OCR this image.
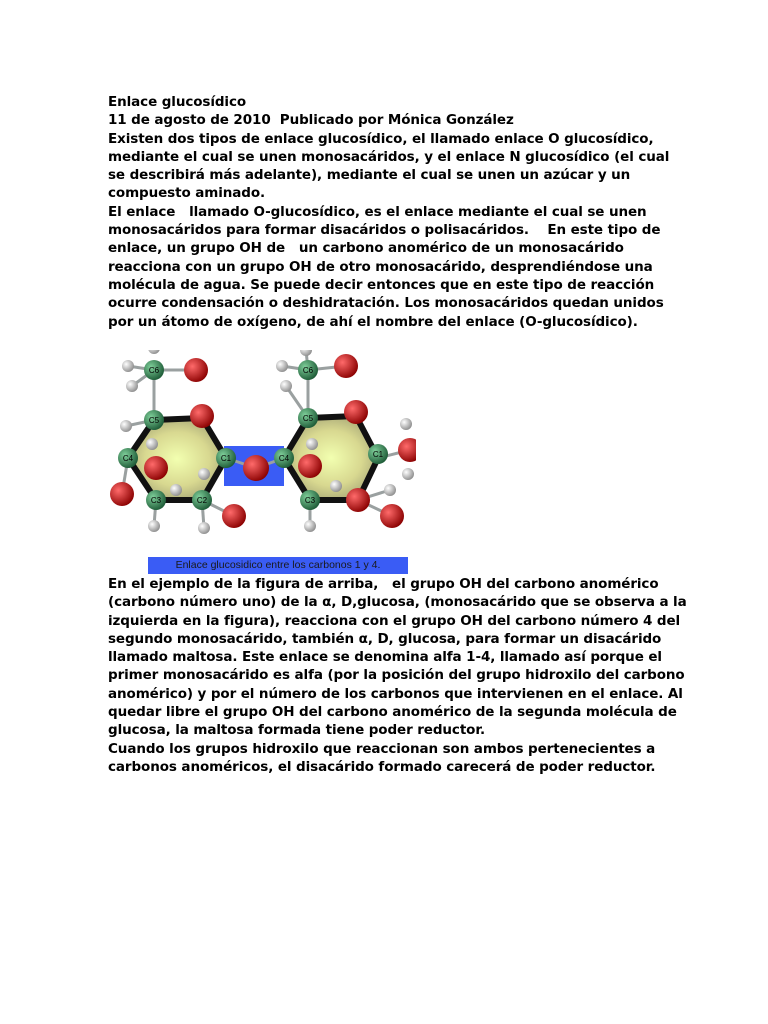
Enlace glucosídico
11 de agosto de 2010  Publicado por Mónica González
Existen dos tipos de enlace glucosídico, el llamado enlace O glucosídico,
mediante el cual se unen monosacáridos, y el enlace N glucosídico (el cual
se describirá más adelante), mediante el cual se unen un azúcar y un
compuesto aminado.
El enlace   llamado O-glucosídico, es el enlace mediante el cual se unen
monosacáridos para formar disacáridos o polisacáridos.    En este tipo de
enlace, un grupo OH de   un carbono anomérico de un monosacárido
reacciona con un grupo OH de otro monosacárido, desprendiéndose una
molécula de agua. Se puede decir entonces que en este tipo de reacción
ocurre condensación o deshidratación. Los monosacáridos quedan unidos
por un átomo de oxígeno, de ahí el nombre del enlace (O-glucosídico).
C6
C5
C4	C1
C3	C2
C6
C5
C4	C1
C3
Enlace glucosidico entre los carbonos 1 y 4.
En el ejemplo de la figura de arriba,   el grupo OH del carbono anomérico
(carbono número uno) de la α, D,glucosa, (monosacárido que se observa a la
izquierda en la figura), reacciona con el grupo OH del carbono número 4 del
segundo monosacárido, también α, D, glucosa, para formar un disacárido
llamado maltosa. Este enlace se denomina alfa 1-4, llamado así porque el
primer monosacárido es alfa (por la posición del grupo hidroxilo del carbono
anomérico) y por el número de los carbonos que intervienen en el enlace. Al
quedar libre el grupo OH del carbono anomérico de la segunda molécula de
glucosa, la maltosa formada tiene poder reductor.
Cuando los grupos hidroxilo que reaccionan son ambos pertenecientes a
carbonos anoméricos, el disacárido formado carecerá de poder reductor.
